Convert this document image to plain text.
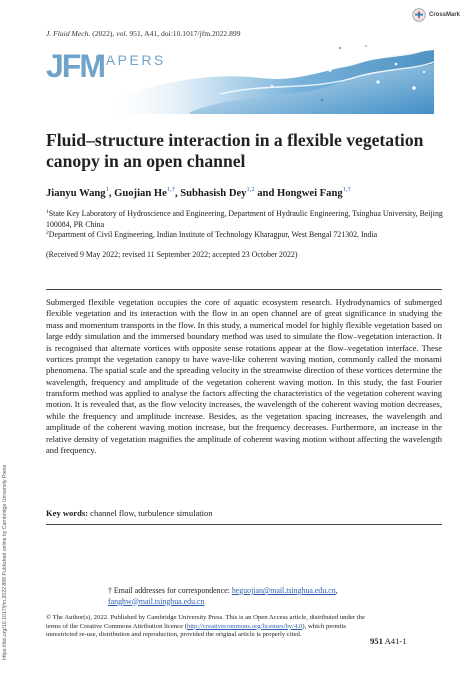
J. Fluid Mech. (2022), vol. 951, A41, doi:10.1017/jfm.2022.899
CrossMark
JFM
PAPERS
Fluid–structure interaction in a flexible vegetation canopy in an open channel
Jianyu Wang$^1$, Guojian $He^{1,\dagger}$, Subhasish Dey$^{1,2}$ and Hongwei Fang$^{1,\dagger}$
$^1$State Key Laboratory of Hydroscience and Engineering, Department of Hydraulic Engineering, Tsinghua University, Beijing 100084, PR China
$^2$Department of Civil Engineering, Indian Institute of Technology Kharagpur, West Bengal 721302, India
(Received 9 May 2022; revised 11 September 2022; accepted 23 October 2022)
Submerged flexible vegetation occupies the core of aquatic ecosystem research. Hydrodynamics of submerged flexible vegetation and its interaction with the flow in an open channel are of great significance in studying the mass and momentum transports in the flow. In this study, a numerical model for highly flexible vegetation based on large eddy simulation and the immersed boundary method was used to simulate the flow–vegetation interaction. It is recognised that alternate vortices with opposite sense rotations appear at the flow–vegetation interface. These vortices prompt the vegetation canopy to have wave-like coherent waving motion, commonly called the monami phenomena. The spatial scale and the spreading velocity in the streamwise direction of these vortices determine the wavelength, frequency and amplitude of the vegetation coherent waving motion. In this study, the fast Fourier transform method was applied to analyse the factors affecting the characteristics of the vegetation coherent waving motion. It is revealed that, as the flow velocity increases, the wavelength of the coherent waving motion decreases, while the frequency and amplitude increase. Besides, as the vegetation spacing increases, the wavelength and amplitude of the coherent waving motion increase, but the frequency decreases. Furthermore, an increase in the relative density of vegetation magnifies the amplitude of coherent waving motion without affecting the wavelength and frequency.
Key words: channel flow, turbulence simulation
† Email addresses for correspondence: heguojian@mail.tsinghua.edu.cn,
fanghw@mail.tsinghua.edu.cn
© The Author(s), 2022. Published by Cambridge University Press. This is an Open Access article, distributed under the terms of the Creative Commons Attribution licence (http://creativecommons.org/licenses/by/4.0), which permits unrestricted re-use, distribution and reproduction, provided the original article is properly cited.
951 A41-1
https://doi.org/10.1017/jfm.2022.899 Published online by Cambridge University Press
